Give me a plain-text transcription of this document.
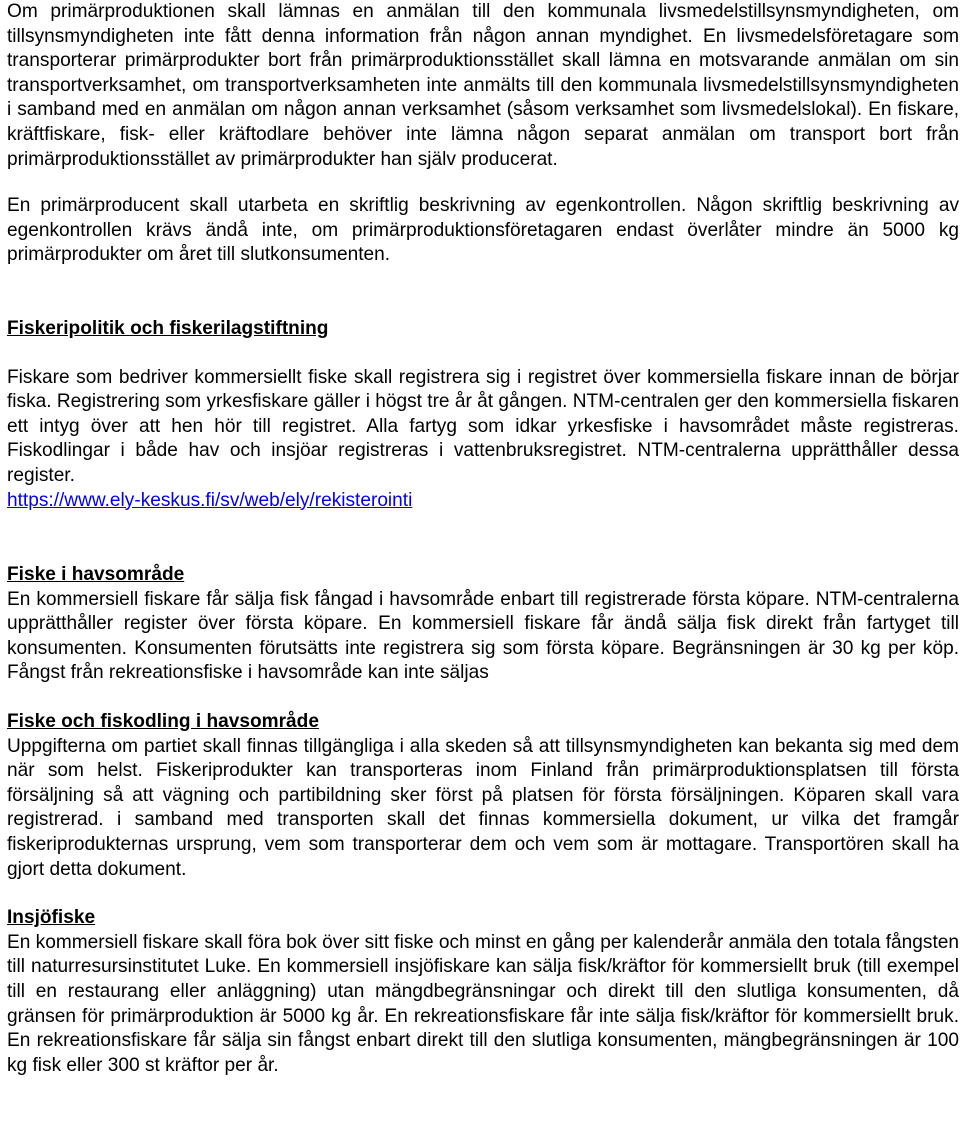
Om primärproduktionen skall lämnas en anmälan till den kommunala livsmedelstillsynsmyndigheten, om tillsynsmyndigheten inte fått denna information från någon annan myndighet. En livsmedelsföretagare som transporterar primärprodukter bort från primärproduktionsstället skall lämna en motsvarande anmälan om sin transportverksamhet, om transportverksamheten inte anmälts till den kommunala livsmedelstillsynsmyndigheten i samband med en anmälan om någon annan verksamhet (såsom verksamhet som livsmedelslokal). En fiskare, kräftfiskare, fisk- eller kräftodlare behöver inte lämna någon separat anmälan om transport bort från primärproduktionsstället av primärprodukter han själv producerat.

En primärproducent skall utarbeta en skriftlig beskrivning av egenkontrollen. Någon skriftlig beskrivning av egenkontrollen krävs ändå inte, om primärproduktionsföretagaren endast överlåter mindre än 5000 kg primärprodukter om året till slutkonsumenten.

Fiskeripolitik och fiskerilagstiftning

Fiskare som bedriver kommersiellt fiske skall registrera sig i registret över kommersiella fiskare innan de börjar fiska. Registrering som yrkesfiskare gäller i högst tre år åt gången. NTM-centralen ger den kommersiella fiskaren ett intyg över att hen hör till registret. Alla fartyg som idkar yrkesfiske i havsområdet måste registreras. Fiskodlingar i både hav och insjöar registreras i vattenbruksregistret. NTM-centralerna upprätthåller dessa register.
https://www.ely-keskus.fi/sv/web/ely/rekisterointi

Fiske i havsområde

En kommersiell fiskare får sälja fisk fångad i havsområde enbart till registrerade första köpare. NTM-centralerna upprätthåller register över första köpare. En kommersiell fiskare får ändå sälja fisk direkt från fartyget till konsumenten. Konsumenten förutsätts inte registrera sig som första köpare. Begränsningen är 30 kg per köp. Fångst från rekreationsfiske i havsområde kan inte säljas

Fiske och fiskodling i havsområde

Uppgifterna om partiet skall finnas tillgängliga i alla skeden så att tillsynsmyndigheten kan bekanta sig med dem när som helst. Fiskeriprodukter kan transporteras inom Finland från primärproduktionsplatsen till första försäljning så att vägning och partibildning sker först på platsen för första försäljningen. Köparen skall vara registrerad. i samband med transporten skall det finnas kommersiella dokument, ur vilka det framgår fiskeriprodukternas ursprung, vem som transporterar dem och vem som är mottagare. Transportören skall ha gjort detta dokument.

Insjöfiske

En kommersiell fiskare skall föra bok över sitt fiske och minst en gång per kalenderår anmäla den totala fångsten till naturresursinstitutet Luke. En kommersiell insjöfiskare kan sälja fisk/kräftor för kommersiellt bruk (till exempel till en restaurang eller anläggning) utan mängdbegränsningar och direkt till den slutliga konsumenten, då gränsen för primärproduktion är 5000 kg år. En rekreationsfiskare får inte sälja fisk/kräftor för kommersiellt bruk. En rekreationsfiskare får sälja sin fångst enbart direkt till den slutliga konsumenten, mängbegränsningen är 100 kg fisk eller 300 st kräftor per år.
